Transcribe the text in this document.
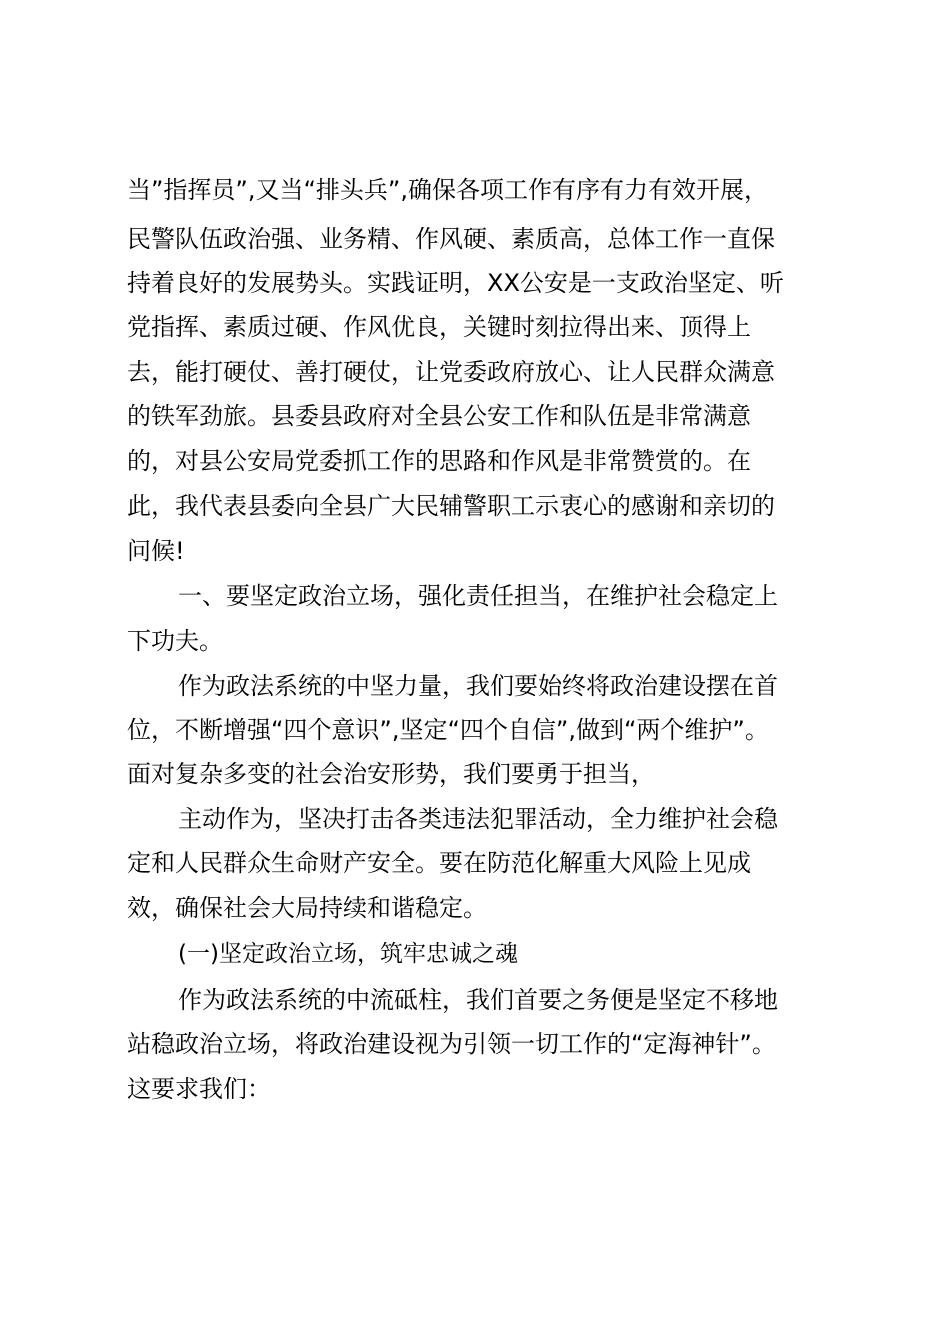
当”指挥员”,又当“排头兵”,确保各项工作有序有力有效开展，
民警队伍政治强、业务精、作风硬、素质高，总体工作一直保
持着良好的发展势头。实践证明，XX公安是一支政治坚定、听
党指挥、素质过硬、作风优良，关键时刻拉得出来、顶得上
去，能打硬仗、善打硬仗，让党委政府放心、让人民群众满意
的铁军劲旅。县委县政府对全县公安工作和队伍是非常满意
的，对县公安局党委抓工作的思路和作风是非常赞赏的。在
此，我代表县委向全县广大民辅警职工示衷心的感谢和亲切的
问候!
一、要坚定政治立场，强化责任担当，在维护社会稳定上
下功夫。
作为政法系统的中坚力量，我们要始终将政治建设摆在首
位，不断增强“四个意识”,坚定“四个自信”,做到“两个维护”。
面对复杂多变的社会治安形势，我们要勇于担当，
主动作为，坚决打击各类违法犯罪活动，全力维护社会稳
定和人民群众生命财产安全。要在防范化解重大风险上见成
效，确保社会大局持续和谐稳定。
(一)坚定政治立场，筑牢忠诚之魂
作为政法系统的中流砥柱，我们首要之务便是坚定不移地
站稳政治立场，将政治建设视为引领一切工作的“定海神针”。
这要求我们：
